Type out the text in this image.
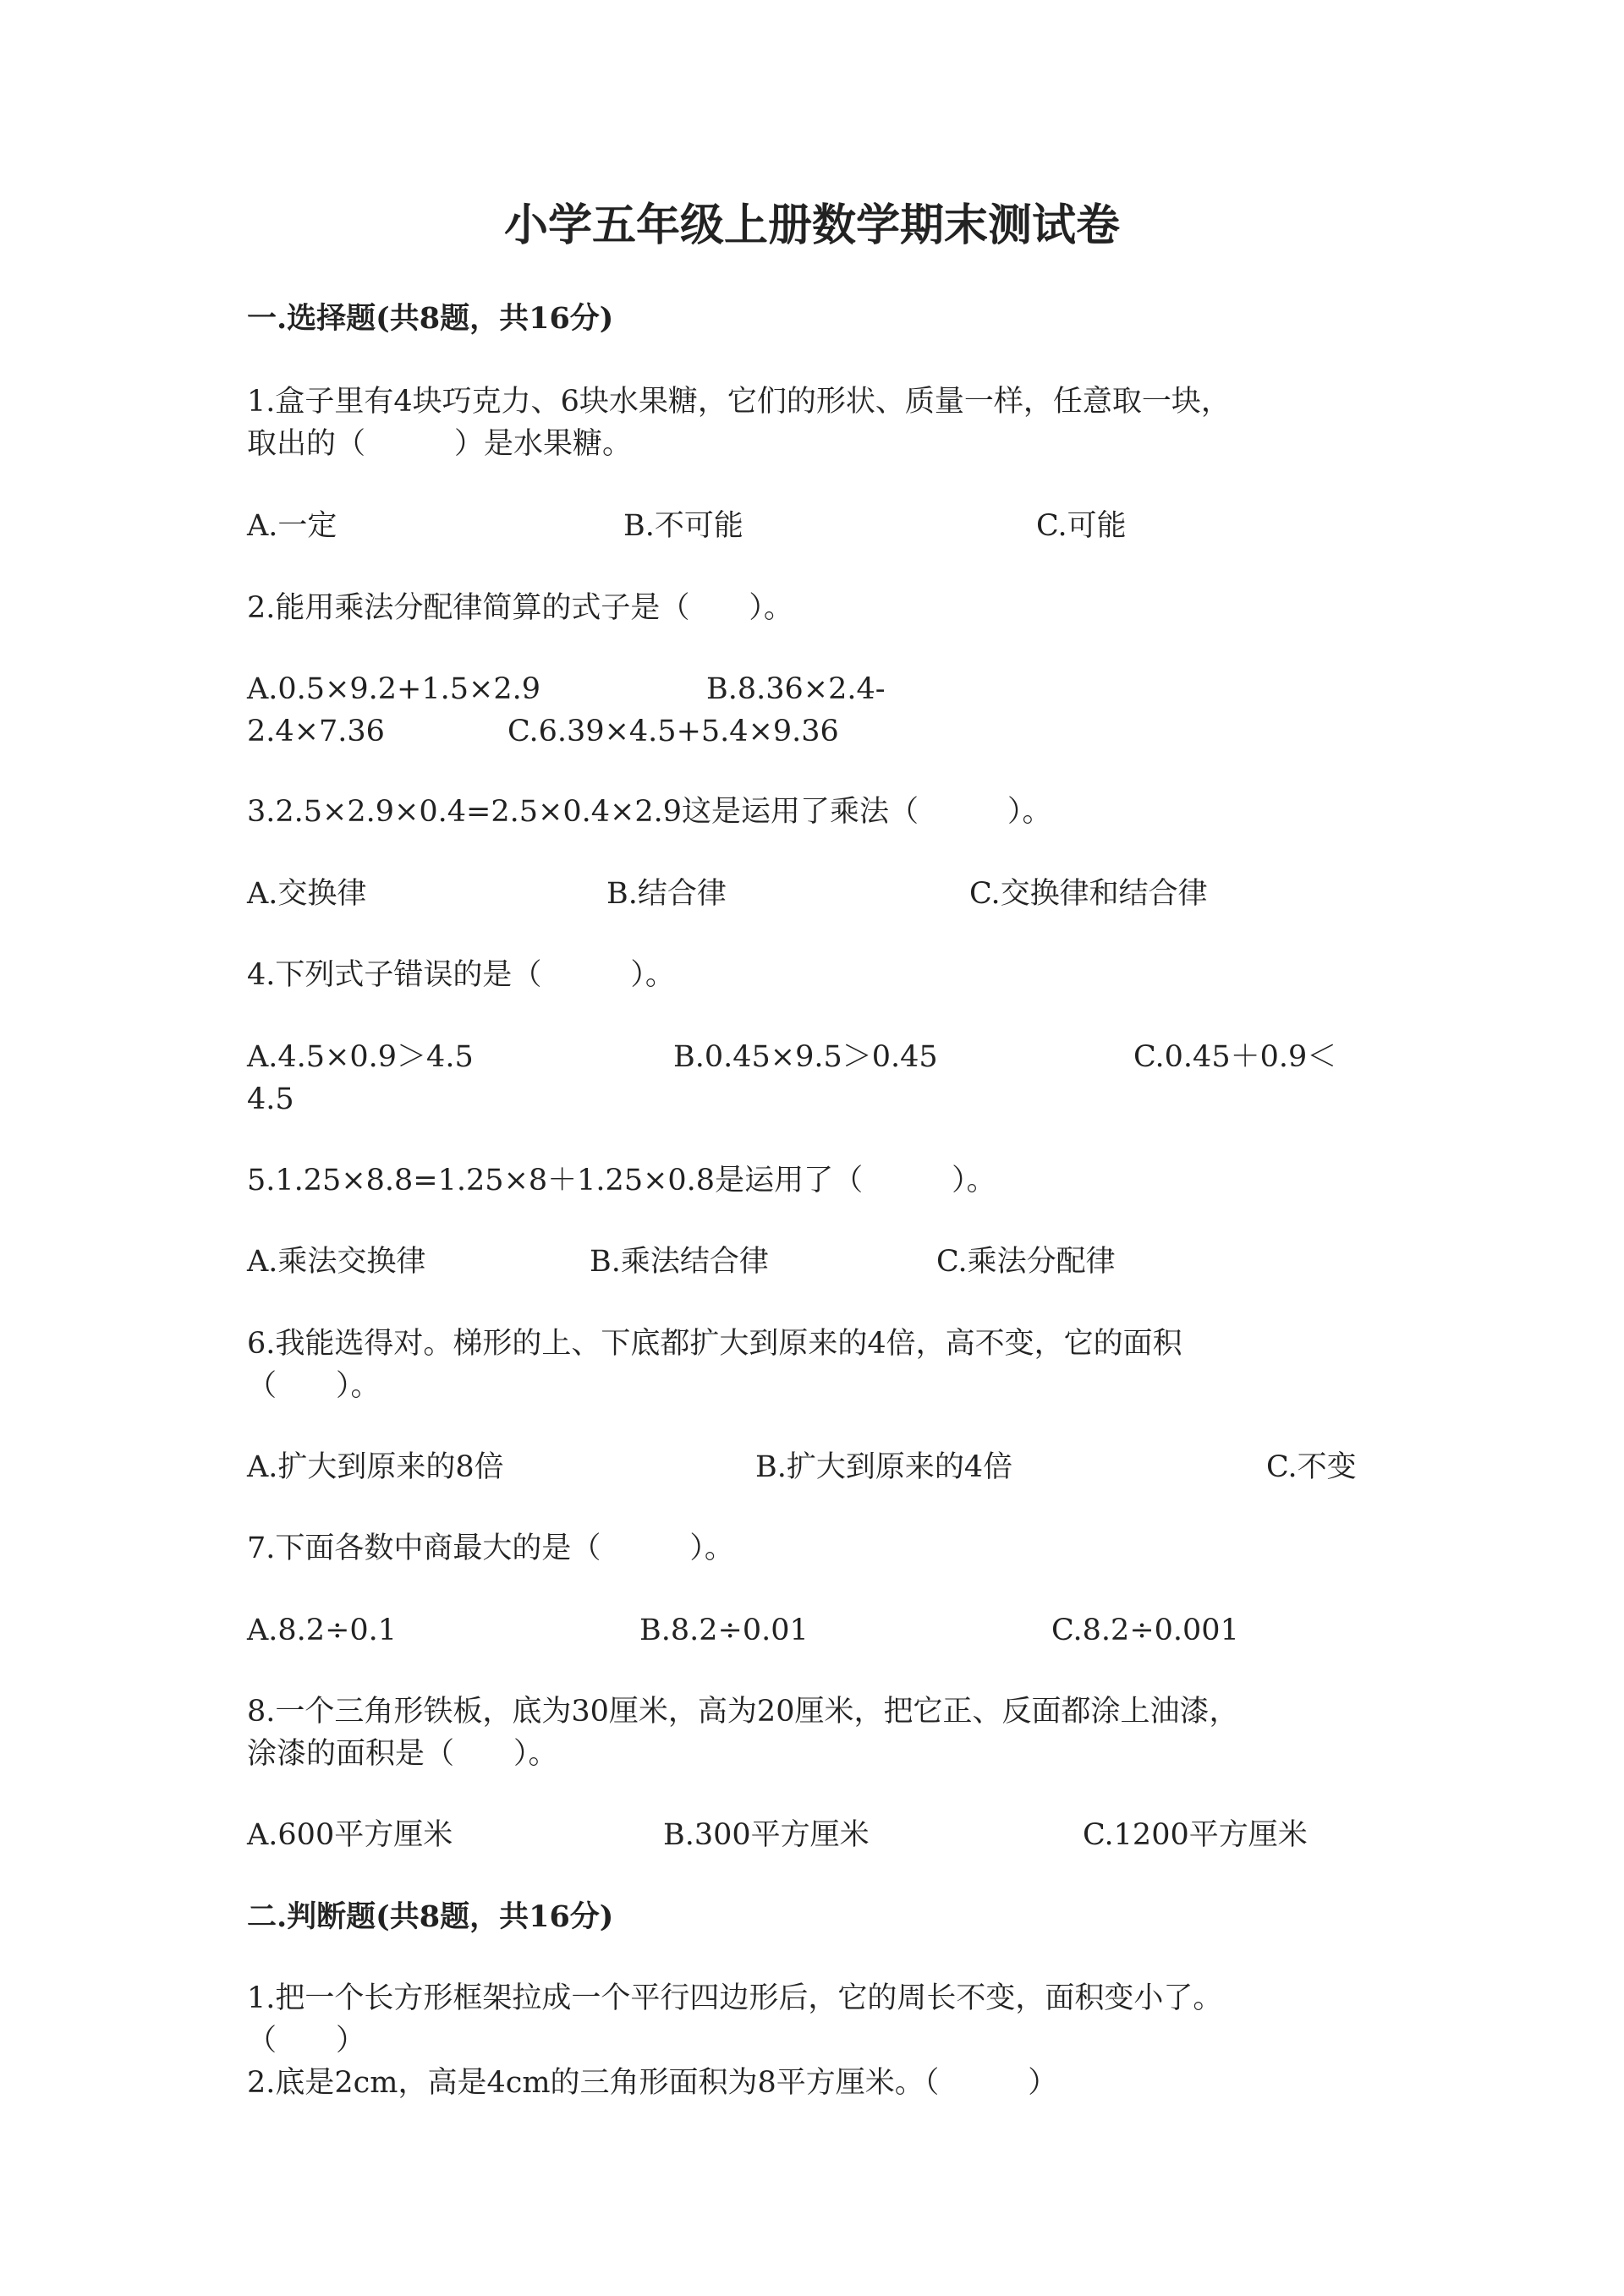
小学五年级上册数学期末测试卷
一.选择题(共8题，共16分)
1.盒子里有4块巧克力、6块水果糖，它们的形状、质量一样，任意取一块，
取出的（　　　）是水果糖。
A.一定	B.不可能	C.可能
2.能用乘法分配律简算的式子是（　　）。
A.0.5×9.2+1.5×2.9	B.8.36×2.4-
2.4×7.36	C.6.39×4.5+5.4×9.36
3.2.5×2.9×0.4=2.5×0.4×2.9这是运用了乘法（　　　）。
A.交换律	B.结合律	C.交换律和结合律
4.下列式子错误的是（　　　）。
A.4.5×0.9＞4.5	B.0.45×9.5＞0.45	C.0.45＋0.9＜
4.5
5.1.25×8.8=1.25×8＋1.25×0.8是运用了（　　　）。
A.乘法交换律	B.乘法结合律	C.乘法分配律
6.我能选得对。梯形的上、下底都扩大到原来的4倍，高不变，它的面积
（　　）。
A.扩大到原来的8倍	B.扩大到原来的4倍	C.不变
7.下面各数中商最大的是（　　　）。
A.8.2÷0.1	B.8.2÷0.01	C.8.2÷0.001
8.一个三角形铁板，底为30厘米，高为20厘米，把它正、反面都涂上油漆，
涂漆的面积是（　　）。
A.600平方厘米	B.300平方厘米	C.1200平方厘米
二.判断题(共8题，共16分)
1.把一个长方形框架拉成一个平行四边形后，它的周长不变，面积变小了。
（　　）
2.底是2cm，高是4cm的三角形面积为8平方厘米。（　　　）
